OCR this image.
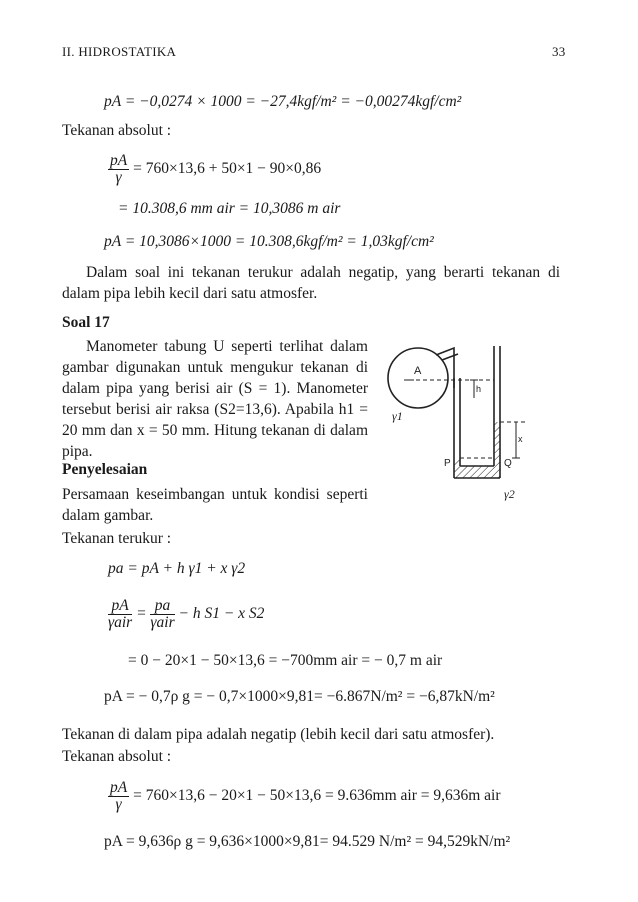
II. HIDROSTATIKA	33
pA = −0,0274 × 1000 = −27,4kgf/m² = −0,00274kgf/cm²
Tekanan absolut :
$\frac{pA}{\gamma} = 760\times 13,6 + 50\times 1 - 90\times 0,86$
= 10.308,6 mm air = 10,3086 m air
pA = 10,3086×1000 = 10.308,6kgf/m² = 1,03kgf/cm²
Dalam soal ini tekanan terukur adalah negatip, yang berarti tekanan di dalam pipa lebih kecil dari satu atmosfer.
Soal 17
Manometer tabung U seperti terlihat dalam gambar digunakan untuk mengukur tekanan di dalam pipa yang berisi air (S = 1). Manometer tersebut berisi air raksa (S2=13,6). Apabila h1 = 20 mm dan x = 50 mm. Hitung tekanan di dalam pipa.
Penyelesaian
Persamaan keseimbangan untuk kondisi seperti dalam gambar.
Tekanan terukur :
pa = pA + h γ1 + x γ2
$\frac{pA}{\text{γair}} = \frac{pa}{\text{γair}} - h$ S1 − x S2
= 0 − 20×1 − 50×13,6 = −700mm air = − 0,7 m air
pA = − 0,7ρ g = − 0,7×1000×9,81= −6.867N/m² = −6,87kN/m²
Tekanan di dalam pipa adalah negatip (lebih kecil dari satu atmosfer).
Tekanan absolut :
$\frac{pA}{\gamma} = 760\times 13,6 - 20\times 1 - 50\times 13,6 = 9.636mm$ air = 9,636m air
pA = 9,636ρ g = 9,636×1000×9,81= 94.529 N/m² = 94,529kN/m²
A
h
x
P	Q
γ1
γ2
